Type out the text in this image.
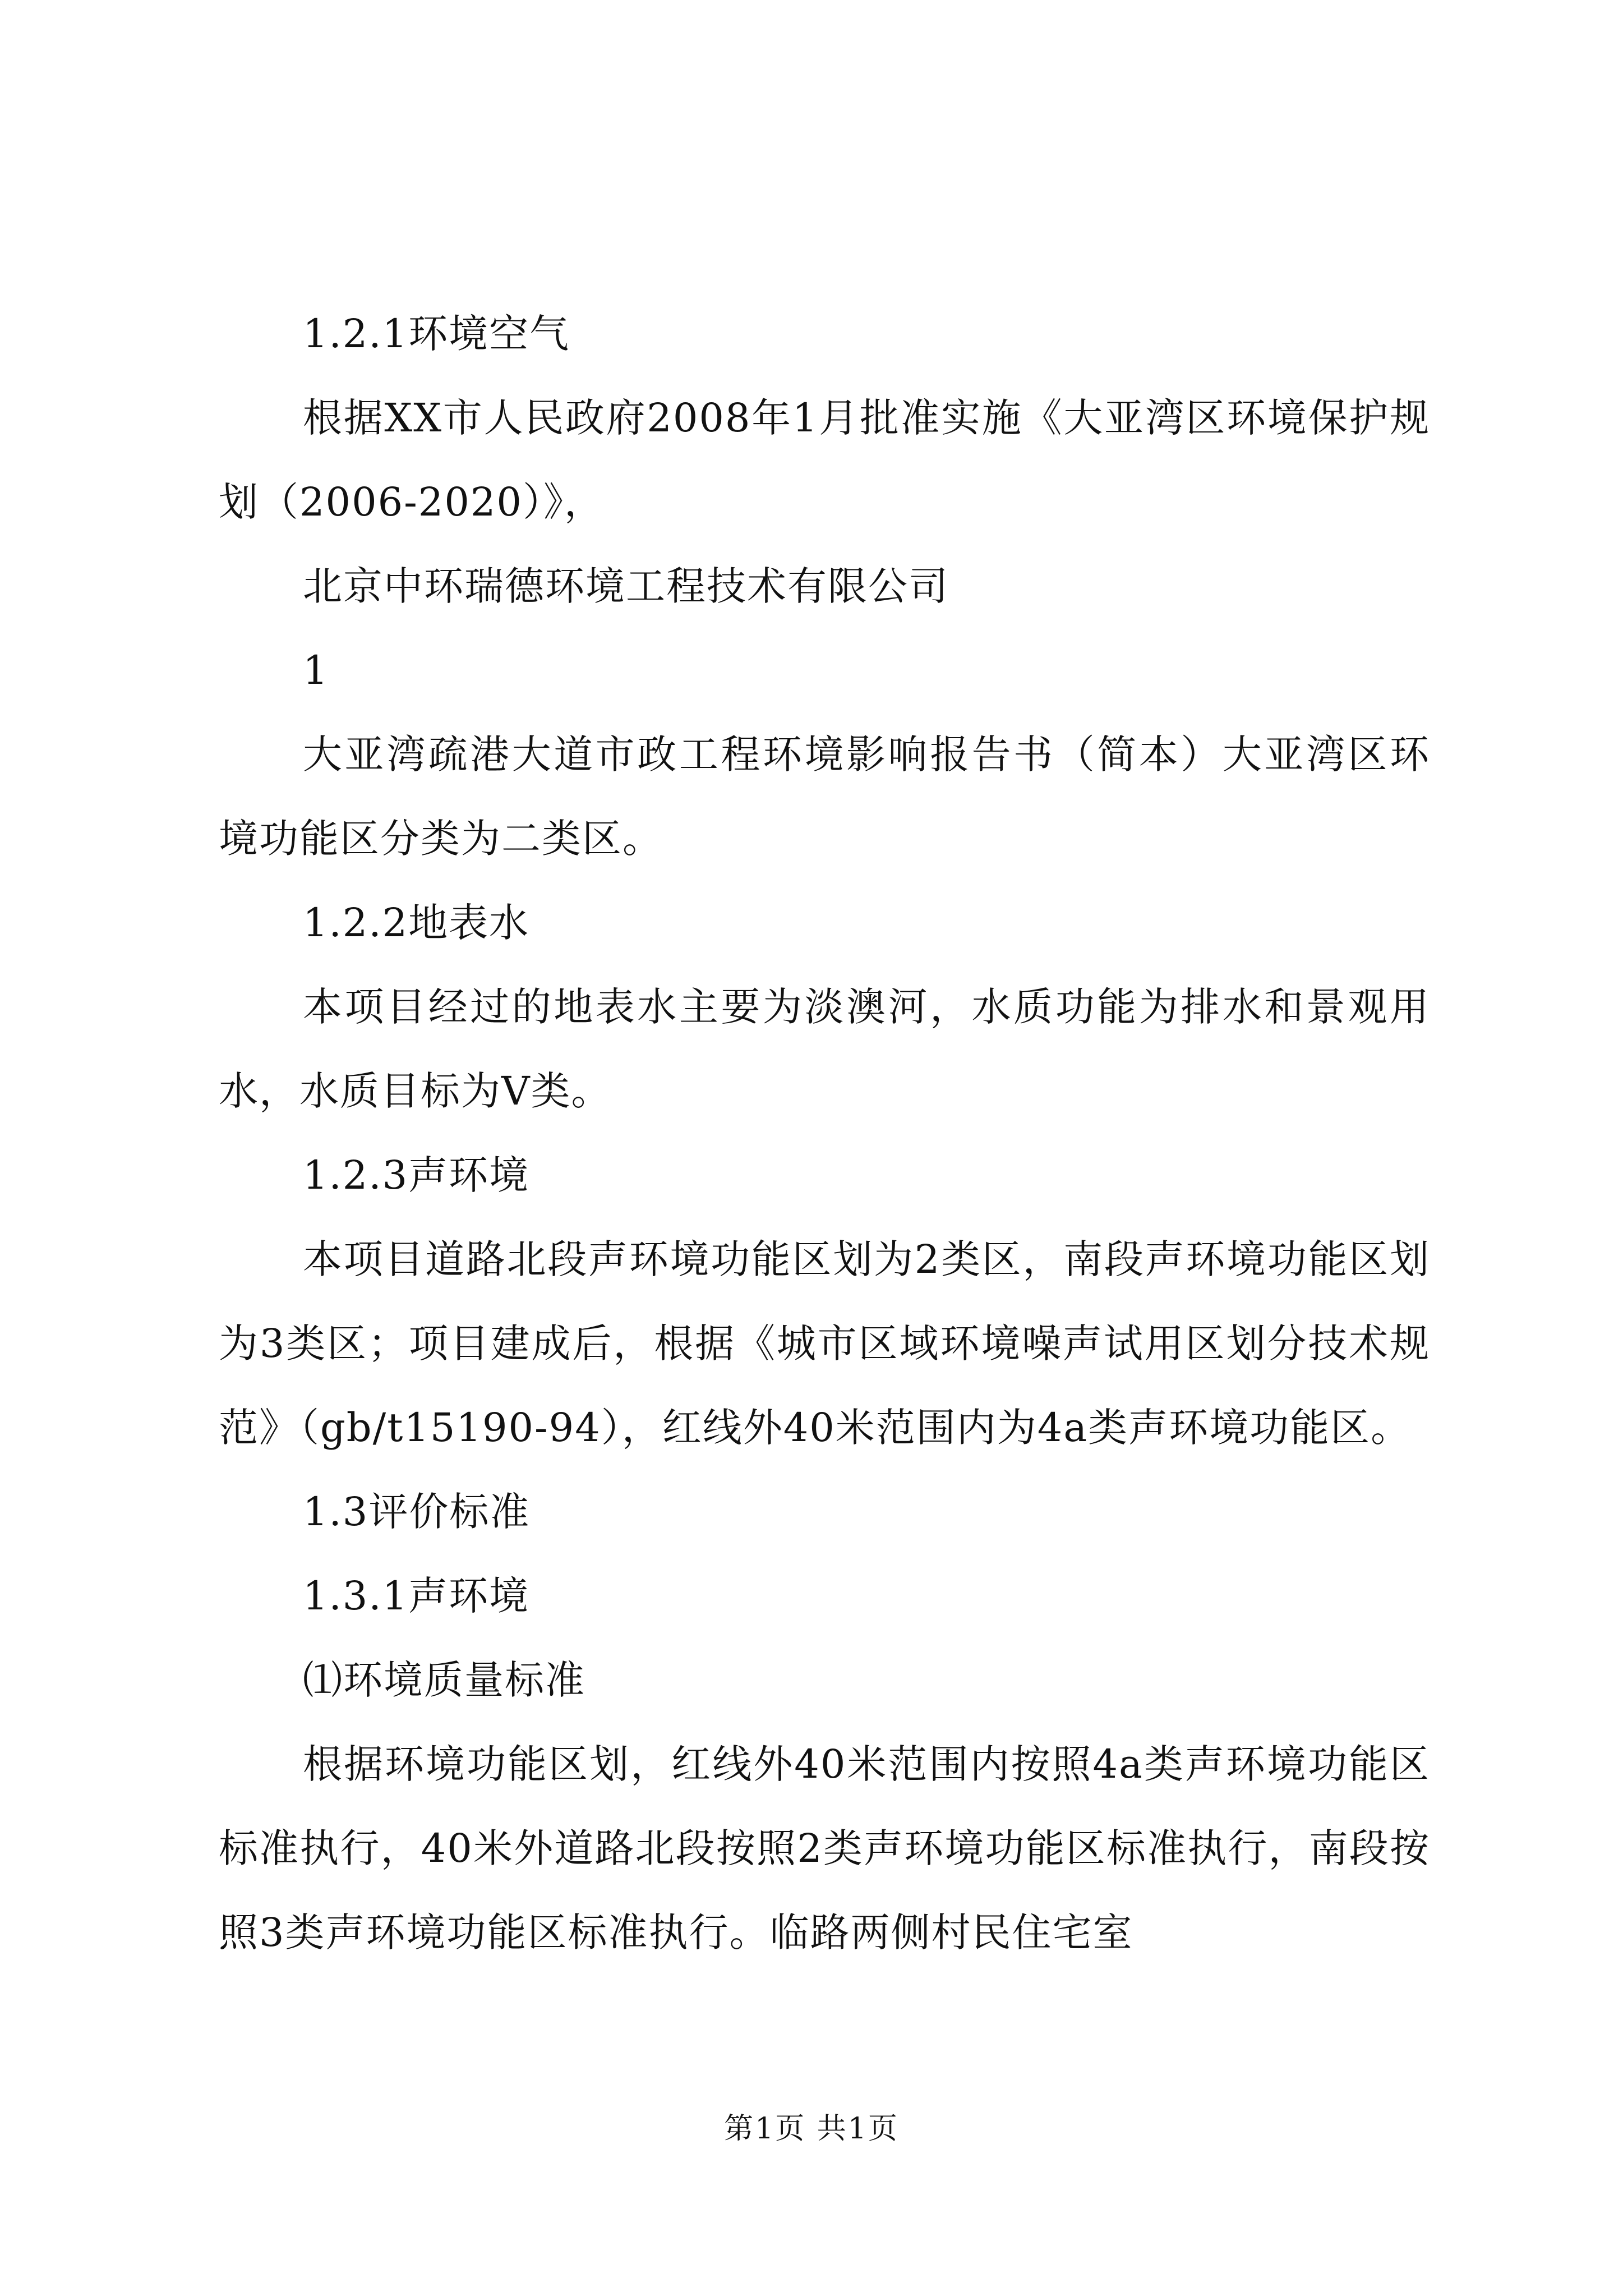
1.2.1环境空气

根据XX市人民政府2008年1月批准实施《大亚湾区环境保护规划（2006-2020）》，

北京中环瑞德环境工程技术有限公司

1

大亚湾疏港大道市政工程环境影响报告书（简本）大亚湾区环境功能区分类为二类区。

1.2.2地表水

本项目经过的地表水主要为淡澳河，水质功能为排水和景观用水，水质目标为V类。

1.2.3声环境

本项目道路北段声环境功能区划为2类区，南段声环境功能区划为3类区；项目建成后，根据《城市区域环境噪声试用区划分技术规范》（gb/t15190-94），红线外40米范围内为4a类声环境功能区。

1.3评价标准

1.3.1声环境

⑴环境质量标准

根据环境功能区划，红线外40米范围内按照4a类声环境功能区标准执行，40米外道路北段按照2类声环境功能区标准执行，南段按照3类声环境功能区标准执行。临路两侧村民住宅室

第1页 共1页
